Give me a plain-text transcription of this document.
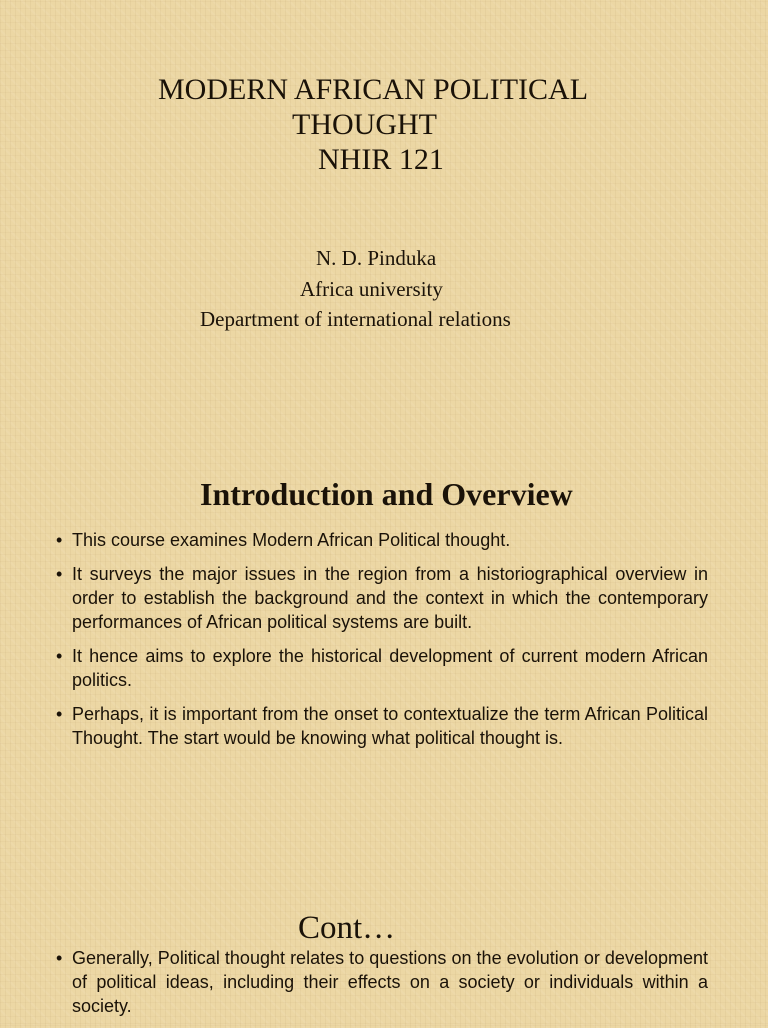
MODERN AFRICAN POLITICAL
THOUGHT
NHIR 121
N. D. Pinduka
Africa university
Department of international relations
Introduction and Overview
• This course examines Modern African Political thought.
• It surveys the major issues in the region from a historiographical overview in order to establish the background and the context in which the contemporary performances of African political systems are built.
• It hence aims to explore the historical development of current modern African politics.
• Perhaps, it is important from the onset to contextualize the term African Political Thought. The start would be knowing what political thought is.
Cont…
• Generally, Political thought relates to questions on the evolution or development of political ideas, including their effects on a society or individuals within a society.
